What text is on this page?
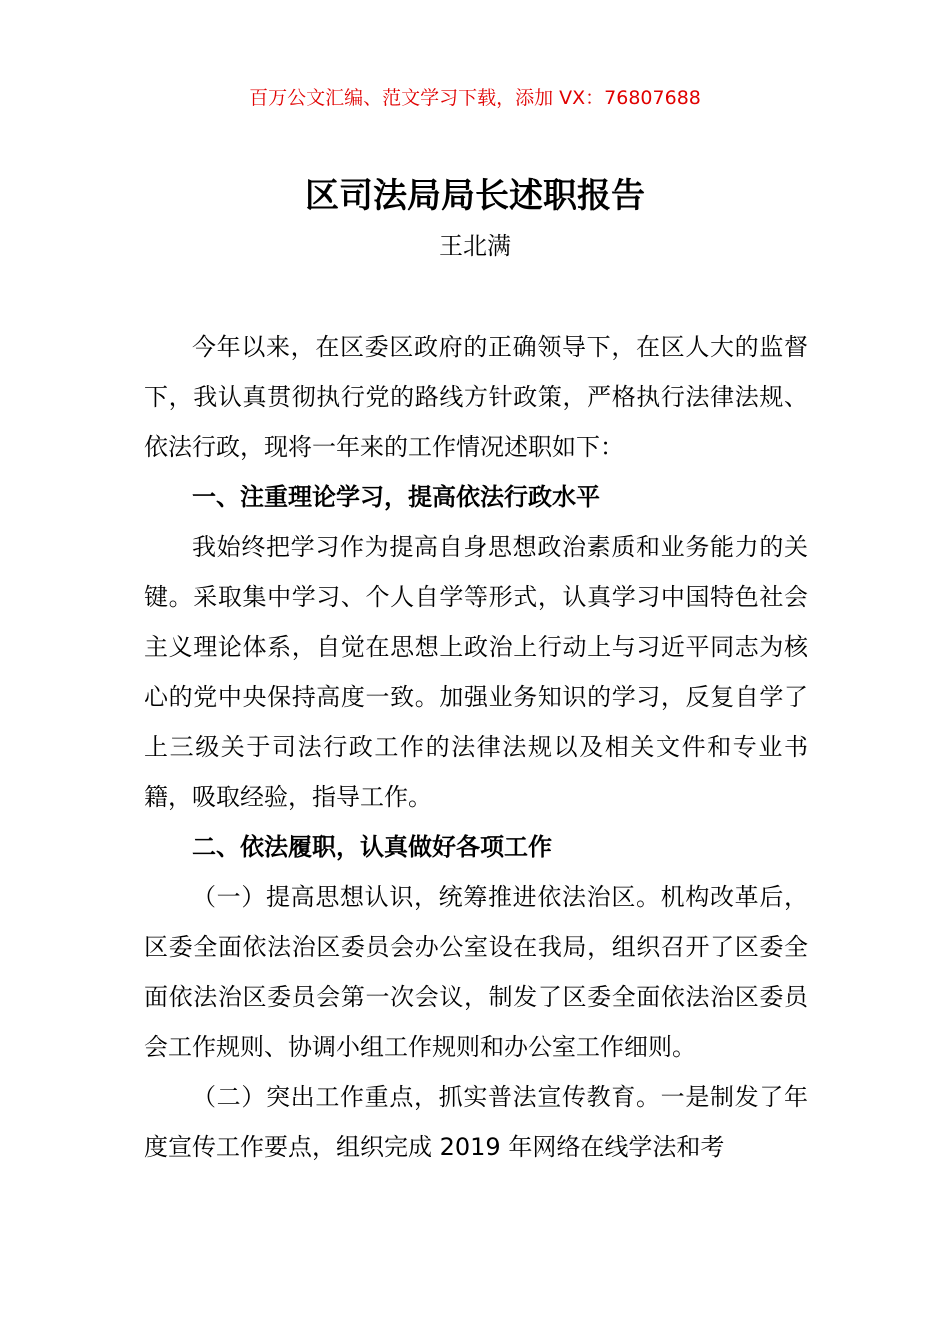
百万公文汇编、范文学习下载，添加 VX：76807688
区司法局局长述职报告
王北满

今年以来，在区委区政府的正确领导下，在区人大的监督下，我认真贯彻执行党的路线方针政策，严格执行法律法规、依法行政，现将一年来的工作情况述职如下：

一、注重理论学习，提高依法行政水平

我始终把学习作为提高自身思想政治素质和业务能力的关键。采取集中学习、个人自学等形式，认真学习中国特色社会主义理论体系，自觉在思想上政治上行动上与习近平同志为核心的党中央保持高度一致。加强业务知识的学习，反复自学了上三级关于司法行政工作的法律法规以及相关文件和专业书籍，吸取经验，指导工作。

二、依法履职，认真做好各项工作

（一）提高思想认识，统筹推进依法治区。机构改革后，区委全面依法治区委员会办公室设在我局，组织召开了区委全面依法治区委员会第一次会议，制发了区委全面依法治区委员会工作规则、协调小组工作规则和办公室工作细则。

（二）突出工作重点，抓实普法宣传教育。一是制发了年度宣传工作要点，组织完成 2019 年网络在线学法和考
